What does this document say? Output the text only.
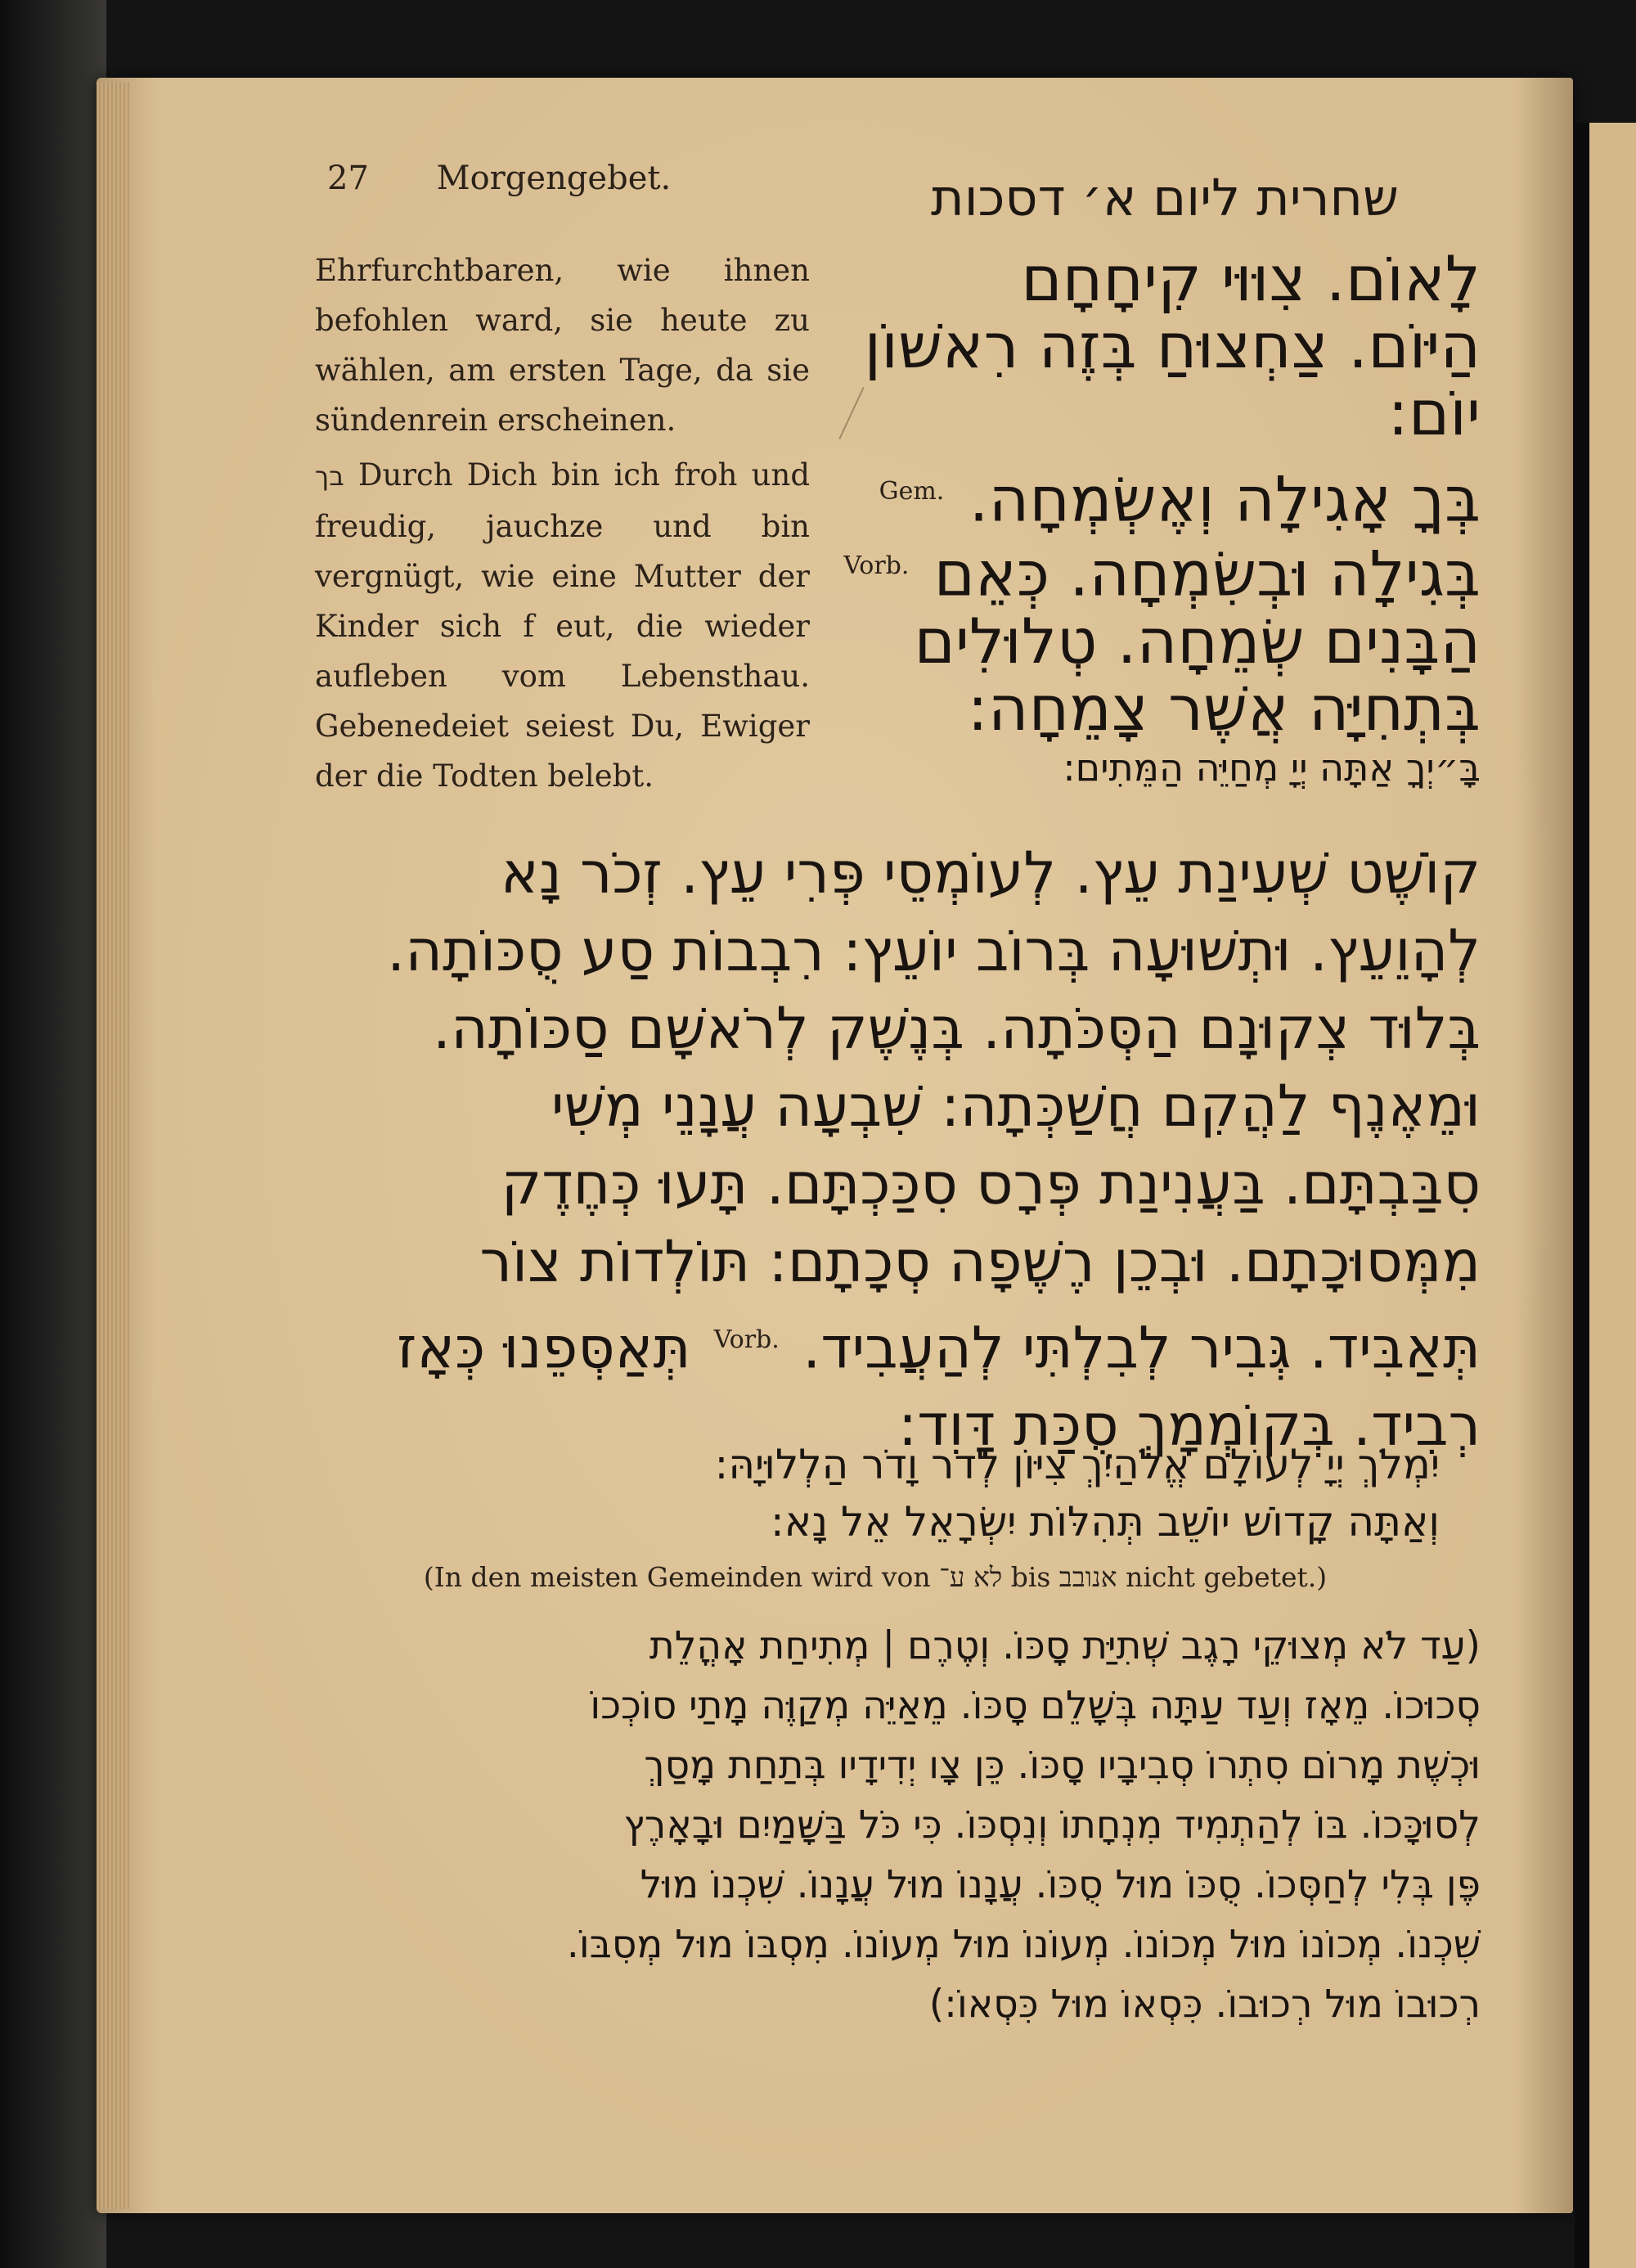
27 Morgengebet.	שחרית ליום א׳ דסכות
Ehrfurchtbaren, wie ihnen befohlen ward, sie heute zu wählen, am ersten Tage, da sie sündenrein erscheinen.
בך Durch Dich bin ich froh und freudig, jauchze und bin vergnügt, wie eine Mutter der Kinder sich f eut, die wieder aufleben vom Lebensthau. Gebenedeiet seiest Du, Ewiger der die Todten belebt.
לָאוֹם. צִוּוּי קִיחָחָם
הַיּוֹם. צַחְצוּחַ בְּזֶה רִאשׁוֹן
יוֹם:
בְּךָ אָגִילָה וְאֶשְׂמְחָה. $^{Gem.}$
בְּגִילָה וּבְשִׂמְחָה. כְּאֵם $^{Vorb.}$
הַבָּנִים שְׂמֵחָה. טְלוּלִים
בְּתְחִיָּה אֲשֶׁר צָמֵחָה:
בָּ״יְךָ אַתָּה יְיָ מְחַיֵּה הַמֵּתִים:
קוֹשֶׁט שְׁעִינַת עֵץ. לְעוֹמְסֵי פְּרִי עֵץ. זְכֹר נָא
לְהָוֵעֵץ. וּתְשׁוּעָה בְּרוֹב יוֹעֵץ: רִבְבוֹת סַע סֻכּוֹתָה.
בְּלוּד צְקוּנָם הַסְּכֹּתָה. בְּנֶשֶׁק לְרֹאשָׁם סַכּוֹתָה.
וּמֵאֶנֶף לַהֲקִם חֲשַׁכְּתָה: שִׁבְעָה עֲנָנֵי מְשִׁי
סִבַּבְתָּם. בַּעֲנִינַת פְּרָס סִכַּכְתָּם. תָּעוּ כְּחֶדֶק
מִמְּסוּכָתָם. וּבְכֵן רֶשֶׁפָה סְכָתָם: תּוֹלְדוֹת צוֹר
תְּאַבִּיד. גְּבִיר לְבִלְתִּי לְהַעֲבִיד. $^{Vorb.}$ תְּאַסְּפֵנוּ כְּאָז
רְבִיד. בְּקוֹמְמָךְ סֻכַּת דָּוִד:
יִמְלֹךְ יְיָ לְעוֹלָם אֱלֹהַיִךְ צִיּוֹן לְדֹר וָדֹר הַלְלוּיָהּ:
וְאַתָּה קָדוֹשׁ יוֹשֵׁב תְּהִלּוֹת יִשְׂרָאֵל אֵל נָא:
(In den meisten Gemeinden wird von לא ע־ bis אנובב nicht gebetet.)
(עַד לֹא מְצוּקֵי רָגֶב שְׁתִיַּת סָכּוֹ. וְטֶרֶם | מְתִיחַת אָהֳלֵת
סְכוּכוֹ. מֵאָז וְעַד עַתָּה בְּשָׁלֵם סָכּוֹ. מֵאַיֵּה מְקַוֶּה מָתַי סוֹכְכוֹ
וּכְשֶׁת מָרוֹם סִתְרוֹ סְבִיבָיו סָכּוֹ. כֵּן צָו יְדִידָיו בְּתַחַת מָסַךְ
לְסוּכָּכוֹ. בּוֹ לְהַתְמִיד מִנְחָתוֹ וְנִסְכּוֹ. כִּי כֹּל בַּשָּׁמַיִם וּבָאָרֶץ
פֶּן בְּלִי לְחַסְּכוֹ. סֻכּוֹ מוּל סֻכּוֹ. עֲנָנוֹ מוּל עֲנָנוֹ. שִׁכְנוֹ מוּל
שִׁכְנוֹ. מְכוֹנוֹ מוּל מְכוֹנוֹ. מְעוֹנוֹ מוּל מְעוֹנוֹ. מִסְבּוֹ מוּל מְסִבּוֹ.
רְכוּבוֹ מוּל רְכוּבוֹ. כִּסְאוֹ מוּל כִּסְאוֹ:)
